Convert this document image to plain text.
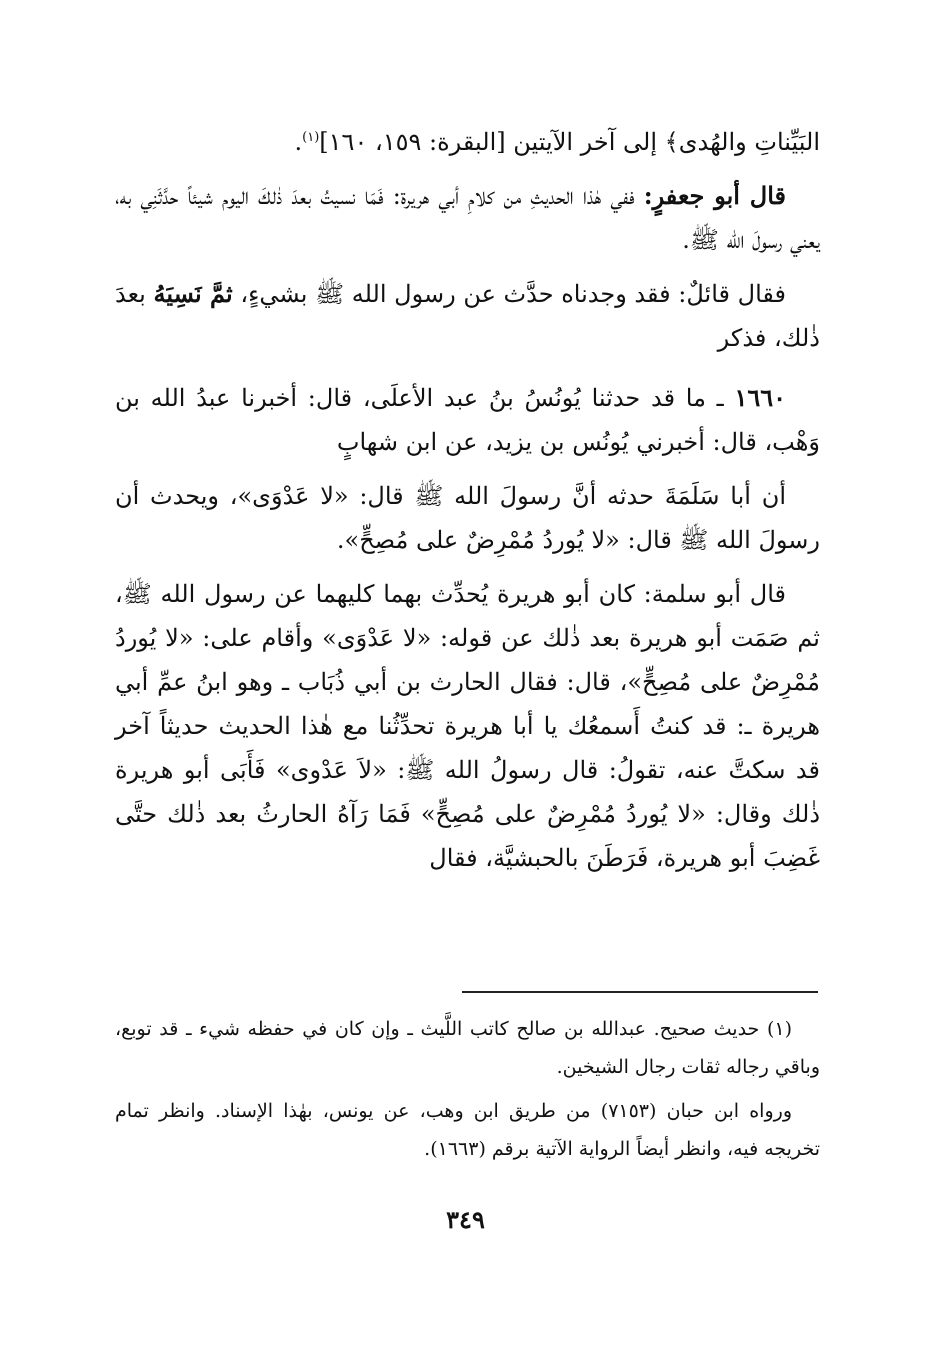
البَيِّناتِ والهُدى﴾ إلى آخر الآيتين [البقرة: ١٥٩، ١٦٠]$^{(١)}$.

قال أبو جعفرٍ: ففي هٰذا الحديثِ من كلامِ أبي هريرة: فَمَا نسيتُ بعدَ ذٰلكَ اليوم شيئاً حدَّثَنِي به، يعني رسولَ الله ﷺ.

فقال قائلٌ: فقد وجدناه حدَّث عن رسول الله ﷺ بشيءٍ، ثمَّ نَسِيَهُ بعدَ ذٰلك، فذكر

١٦٦٠ ـ ما قد حدثنا يُونُسُ بنُ عبد الأعلَى، قال: أخبرنا عبدُ الله بن وَهْب، قال: أخبرني يُونُس بن يزيد، عن ابن شهابٍ

أن أبا سَلَمَةَ حدثه أنَّ رسولَ الله ﷺ قال: «لا عَدْوَى»، ويحدث أن رسولَ الله ﷺ قال: «لا يُوردُ مُمْرِضٌ على مُصِحٍّ».

قال أبو سلمة: كان أبو هريرة يُحدِّث بهما كليهما عن رسول الله ﷺ، ثم صَمَت أبو هريرة بعد ذٰلك عن قوله: «لا عَدْوَى» وأقام على: «لا يُوردُ مُمْرِضٌ على مُصِحٍّ»، قال: فقال الحارث بن أبي ذُبَاب ـ وهو ابنُ عمِّ أبي هريرة ـ: قد كنتُ أَسمعُك يا أبا هريرة تحدِّثُنا مع هٰذا الحديث حديثاً آخر قد سكتَّ عنه، تقولُ: قال رسولُ الله ﷺ: «لاَ عَدْوى» فَأَبَى أبو هريرة ذٰلك وقال: «لا يُوردُ مُمْرِضٌ على مُصِحٍّ» فَمَا رَآهُ الحارثُ بعد ذٰلك حتَّى غَضِبَ أبو هريرة، فَرَطَنَ بالحبشيَّة، فقال

(١) حديث صحيح. عبدالله بن صالح كاتب اللَّيث ـ وإن كان في حفظه شيء ـ قد توبع، وباقي رجاله ثقات رجال الشيخين.

ورواه ابن حبان (٧١٥٣) من طريق ابن وهب، عن يونس، بهٰذا الإسناد. وانظر تمام تخريجه فيه، وانظر أيضاً الرواية الآتية برقم (١٦٦٣).

٣٤٩
